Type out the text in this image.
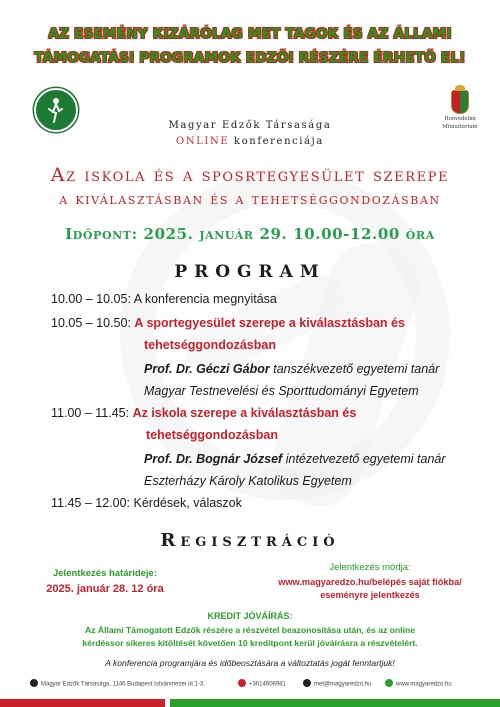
AZ ESEMÉNY KIZÁRÓLAG MET TAGOK ÉS AZ ÁLLAMI
TÁMOGATÁSI PROGRAMOK EDZŐI RÉSZÉRE ÉRHETŐ EL!
Honvédelmi
Minisztérium
Magyar Edzők Társasága
ONLINE konferenciája
Az iskola és a sposrtegyesület szerepe
a kiválasztásban és a tehetséggondozásban
Időpont: 2025. január 29. 10.00-12.00 óra
PROGRAM
10.00 – 10.05: A konferencia megnyitása
10.05 – 10.50: A sportegyesület szerepe a kiválasztásban és
tehetséggondozásban
Prof. Dr. Géczi Gábor tanszékvezető egyetemi tanár
Magyar Testnevelési és Sporttudományi Egyetem
11.00 – 11.45: Az iskola szerepe a kiválasztásban és
tehetséggondozásban
Prof. Dr. Bognár József intézetvezető egyetemi tanár
Eszterházy Károly Katolikus Egyetem
11.45 – 12.00: Kérdések, válaszok
Regisztráció
Jelentkezés határideje:
2025. január 28. 12 óra
Jelentkezés módja:
www.magyaredzo.hu/belépés saját fiókba/
eseményre jelentkezés
KREDIT JÓVÁÍRÁS:
Az Állami Támogatott Edzők részére a részvétel beazonosítása után, és az online
kérdéssor sikeres kitöltését követően 10 kreditpont kerül jóváírásra a részvételért.
A konferencia programjára és időbeosztására a változtatás jogát fenntartjuk!
Magyar Edzők Társasága, 1146 Budapest Istvánmezei út 1-3.	+3614606981	met@magyaredzo.hu	www.magyaredzo.hu
